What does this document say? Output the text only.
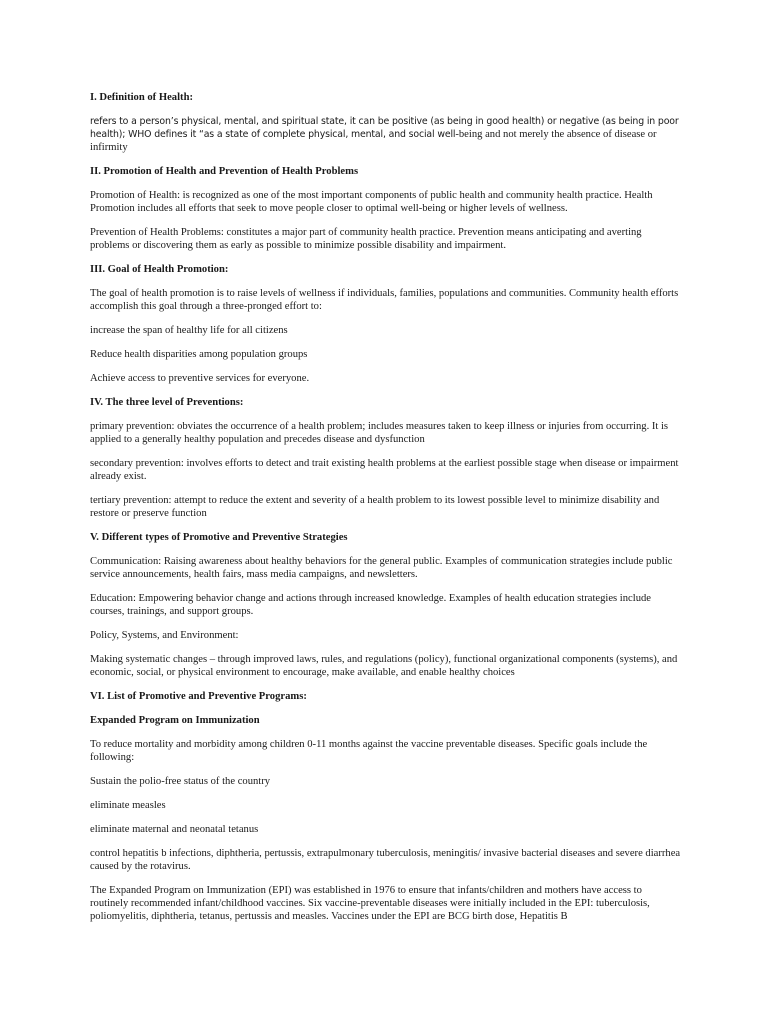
I. Definition of Health:

refers to a person’s physical, mental, and spiritual state, it can be positive (as being in good health) or negative (as being in poor health); WHO defines it “as a state of complete physical, mental, and social well-being and not merely the absence of disease or infirmity

II. Promotion of Health and Prevention of Health Problems

Promotion of Health: is recognized as one of the most important components of public health and community health practice. Health Promotion includes all efforts that seek to move people closer to optimal well-being or higher levels of wellness.

Prevention of Health Problems: constitutes a major part of community health practice. Prevention means anticipating and averting problems or discovering them as early as possible to minimize possible disability and impairment.

III. Goal of Health Promotion:

The goal of health promotion is to raise levels of wellness if individuals, families, populations and communities. Community health efforts accomplish this goal through a three-pronged effort to:

increase the span of healthy life for all citizens

Reduce health disparities among population groups

Achieve access to preventive services for everyone.

IV. The three level of Preventions:

primary prevention: obviates the occurrence of a health problem; includes measures taken to keep illness or injuries from occurring. It is applied to a generally healthy population and precedes disease and dysfunction

secondary prevention: involves efforts to detect and trait existing health problems at the earliest possible stage when disease or impairment already exist.

tertiary prevention: attempt to reduce the extent and severity of a health problem to its lowest possible level to minimize disability and restore or preserve function

V. Different types of Promotive and Preventive Strategies

Communication: Raising awareness about healthy behaviors for the general public. Examples of communication strategies include public service announcements, health fairs, mass media campaigns, and newsletters.

Education: Empowering behavior change and actions through increased knowledge. Examples of health education strategies include courses, trainings, and support groups.

Policy, Systems, and Environment:

Making systematic changes – through improved laws, rules, and regulations (policy), functional organizational components (systems), and economic, social, or physical environment to encourage, make available, and enable healthy choices

VI. List of Promotive and Preventive Programs:

Expanded Program on Immunization

To reduce mortality and morbidity among children 0-11 months against the vaccine preventable diseases. Specific goals include the following:

Sustain the polio-free status of the country

eliminate measles

eliminate maternal and neonatal tetanus

control hepatitis b infections, diphtheria, pertussis, extrapulmonary tuberculosis, meningitis/ invasive bacterial diseases and severe diarrhea caused by the rotavirus.

The Expanded Program on Immunization (EPI) was established in 1976 to ensure that infants/children and mothers have access to routinely recommended infant/childhood vaccines. Six vaccine-preventable diseases were initially included in the EPI: tuberculosis, poliomyelitis, diphtheria, tetanus, pertussis and measles. Vaccines under the EPI are BCG birth dose, Hepatitis B
